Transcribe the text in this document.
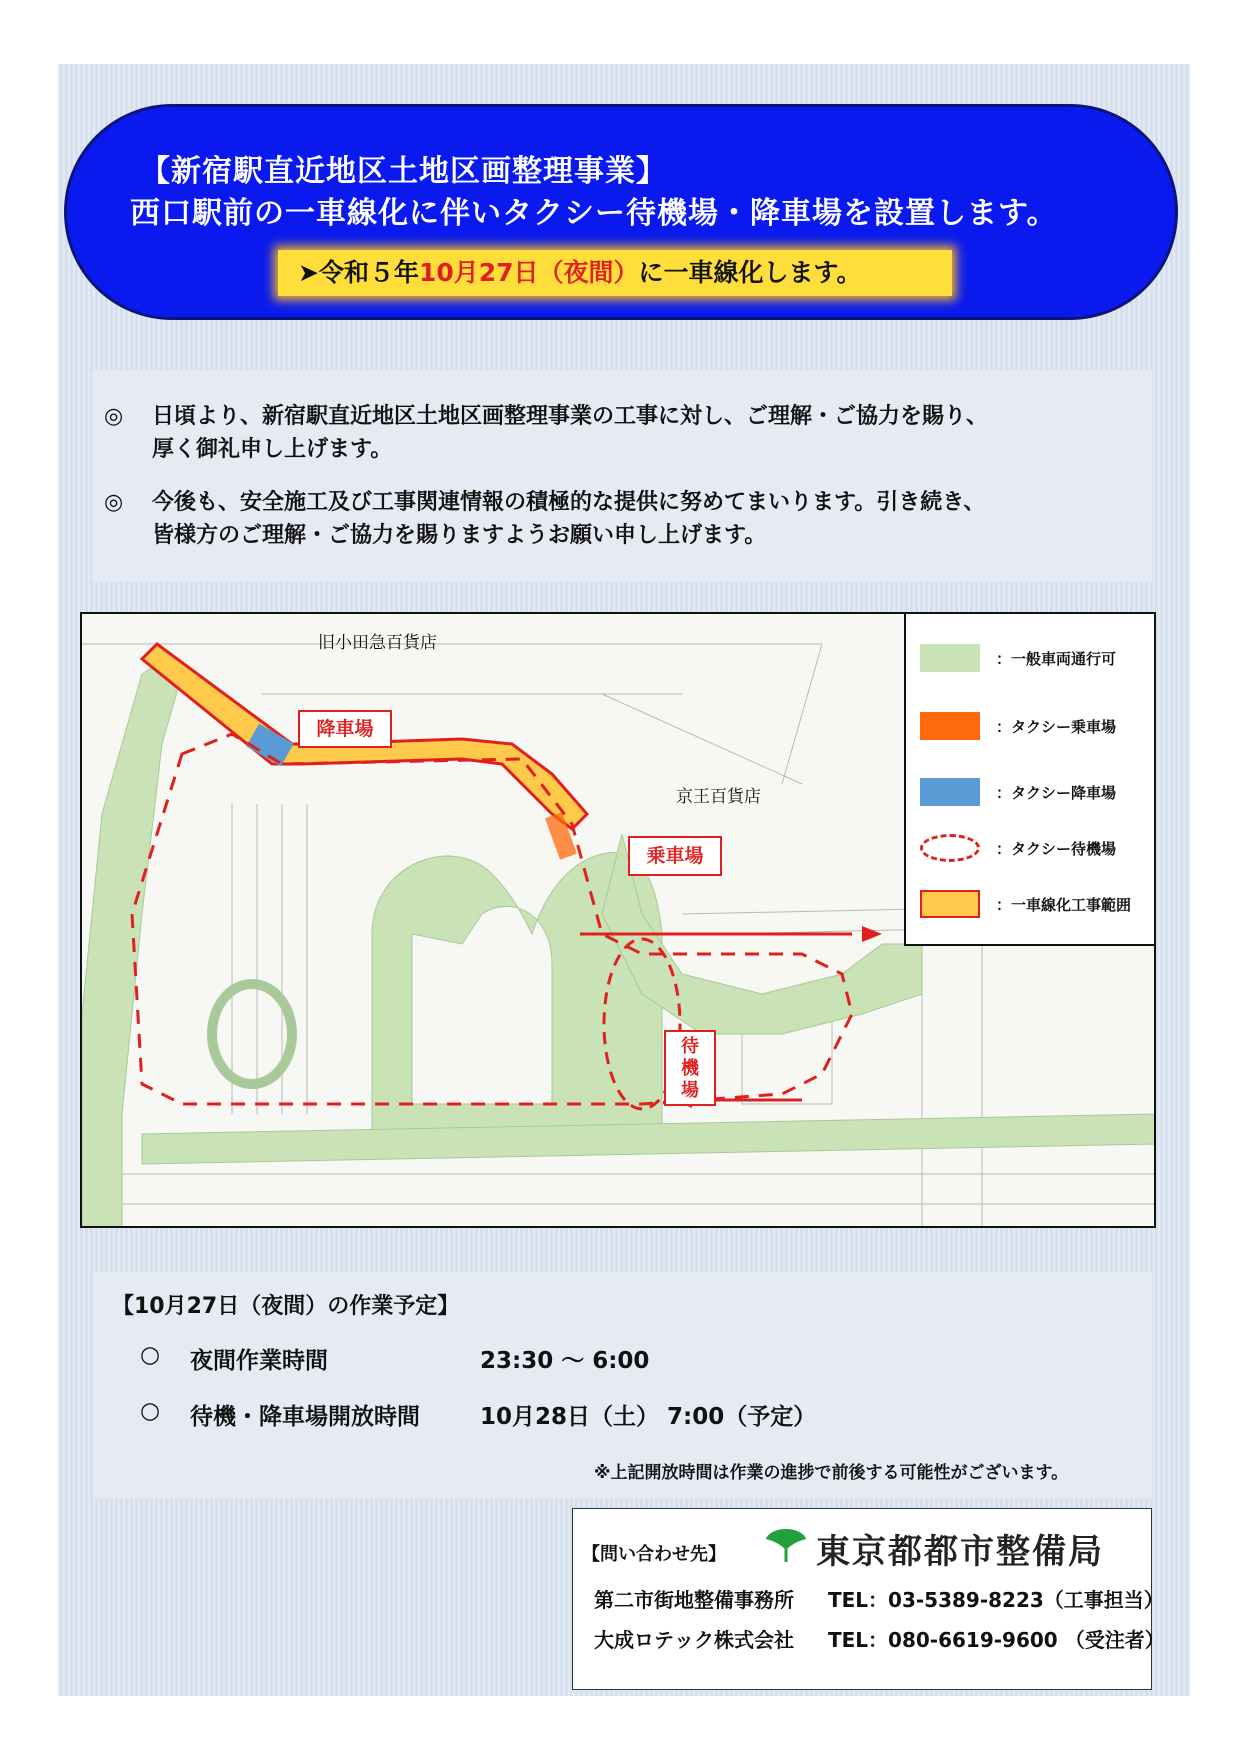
【新宿駅直近地区土地区画整理事業】
西口駅前の一車線化に伴いタクシー待機場・降車場を設置します。
➤令和５年10月27日（夜間）に一車線化します。
◎ 日頃より、新宿駅直近地区土地区画整理事業の工事に対し、ご理解・ご協力を賜り、
厚く御礼申し上げます。
◎ 今後も、安全施工及び工事関連情報の積極的な提供に努めてまいります。引き続き、
皆様方のご理解・ご協力を賜りますようお願い申し上げます。
旧小田急百貨店
京王百貨店
降車場
乗車場
待
機
場
：一般車両通行可
：タクシー乗車場
：タクシー降車場
：タクシー待機場
：一車線化工事範囲
【10月27日（夜間）の作業予定】
○ 夜間作業時間	23:30 ～ 6:00
○ 待機・降車場開放時間	10月28日（土） 7:00（予定）
※上記開放時間は作業の進捗で前後する可能性がございます。
【問い合わせ先】	東京都都市整備局
第二市街地整備事務所 TEL：03-5389-8223（工事担当）
大成ロテック株式会社 TEL：080-6619-9600 （受注者）
